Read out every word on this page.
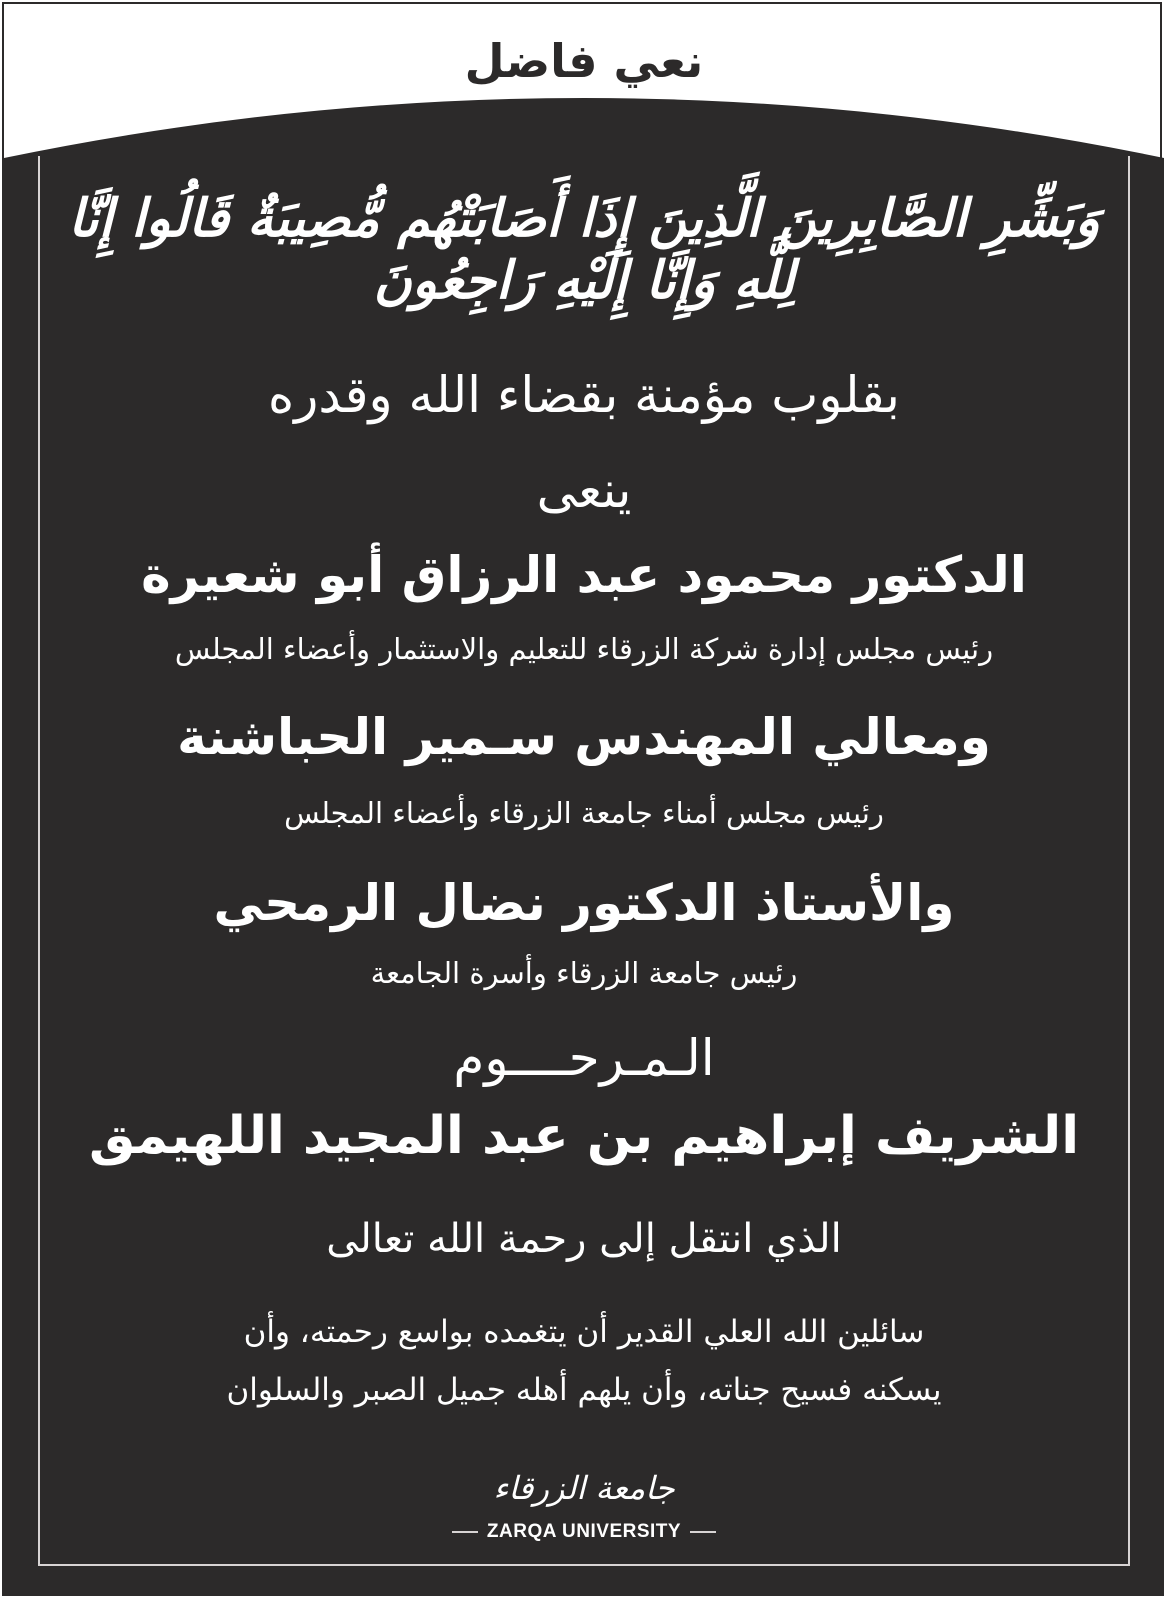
نعي فاضل
وَبَشِّرِ الصَّابِرِينَ الَّذِينَ إِذَا أَصَابَتْهُم مُّصِيبَةٌ قَالُوا إِنَّا لِلَّهِ وَإِنَّا إِلَيْهِ رَاجِعُونَ
بقلوب مؤمنة بقضاء الله وقدره
ينعى
الدكتور محمود عبد الرزاق أبو شعيرة
رئيس مجلس إدارة شركة الزرقاء للتعليم والاستثمار وأعضاء المجلس
ومعالي المهندس سـمير الحباشنة
رئيس مجلس أمناء جامعة الزرقاء وأعضاء المجلس
والأستاذ الدكتور نضال الرمحي
رئيس جامعة الزرقاء وأسرة الجامعة
الـمـرحــــوم
الشريف إبراهيم بن عبد المجيد اللهيمق
الذي انتقل إلى رحمة الله تعالى
سائلين الله العلي القدير أن يتغمده بواسع رحمته، وأن
يسكنه فسيح جناته، وأن يلهم أهله جميل الصبر والسلوان
جامعة الزرقاء
ZARQA UNIVERSITY
